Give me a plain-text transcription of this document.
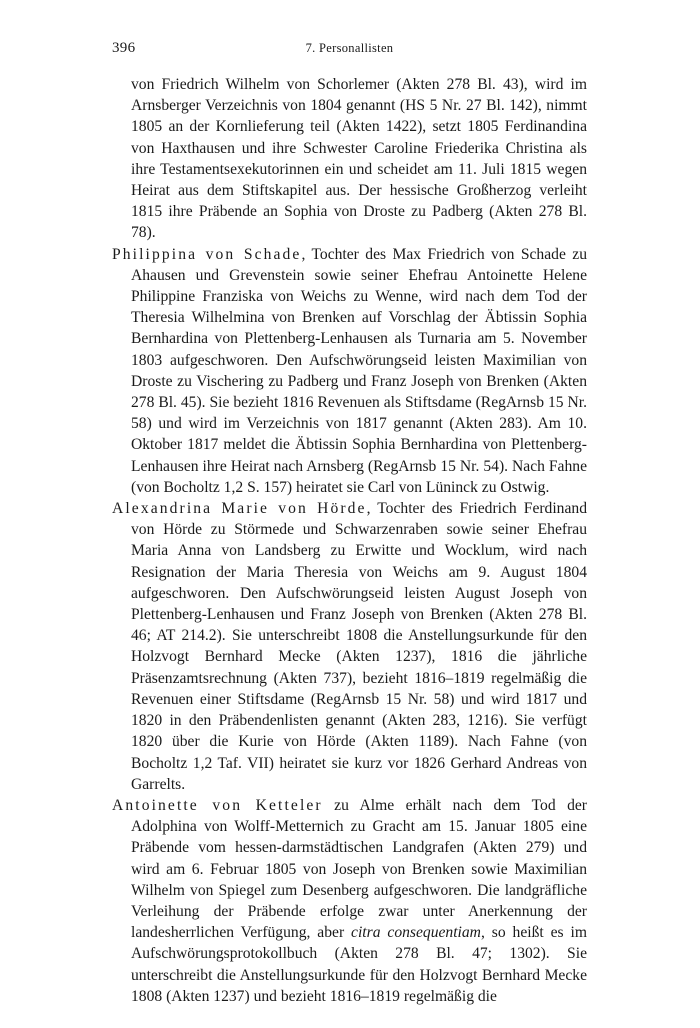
396	7. Personallisten

von Friedrich Wilhelm von Schorlemer (Akten 278 Bl. 43), wird im Arnsberger Verzeichnis von 1804 genannt (HS 5 Nr. 27 Bl. 142), nimmt 1805 an der Kornlieferung teil (Akten 1422), setzt 1805 Ferdinandina von Haxthausen und ihre Schwester Caroline Friederika Christina als ihre Testamentsexekutorinnen ein und scheidet am 11. Juli 1815 wegen Heirat aus dem Stiftskapitel aus. Der hessische Großherzog verleiht 1815 ihre Präbende an Sophia von Droste zu Padberg (Akten 278 Bl. 78).

Philippina von Schade, Tochter des Max Friedrich von Schade zu Ahausen und Grevenstein sowie seiner Ehefrau Antoinette Helene Philippine Franziska von Weichs zu Wenne, wird nach dem Tod der Theresia Wilhelmina von Brenken auf Vorschlag der Äbtissin Sophia Bernhardina von Plettenberg-Lenhausen als Turnaria am 5. November 1803 aufgeschworen. Den Aufschwörungseid leisten Maximilian von Droste zu Vischering zu Padberg und Franz Joseph von Brenken (Akten 278 Bl. 45). Sie bezieht 1816 Revenuen als Stiftsdame (RegArnsb 15 Nr. 58) und wird im Verzeichnis von 1817 genannt (Akten 283). Am 10. Oktober 1817 meldet die Äbtissin Sophia Bernhardina von Plettenberg-Lenhausen ihre Heirat nach Arnsberg (RegArnsb 15 Nr. 54). Nach Fahne (von Bocholtz 1,2 S. 157) heiratet sie Carl von Lüninck zu Ostwig.

Alexandrina Marie von Hörde, Tochter des Friedrich Ferdinand von Hörde zu Störmede und Schwarzenraben sowie seiner Ehefrau Maria Anna von Landsberg zu Erwitte und Wocklum, wird nach Resignation der Maria Theresia von Weichs am 9. August 1804 aufgeschworen. Den Aufschwörungseid leisten August Joseph von Plettenberg-Lenhausen und Franz Joseph von Brenken (Akten 278 Bl. 46; AT 214.2). Sie unterschreibt 1808 die Anstellungsurkunde für den Holzvogt Bernhard Mecke (Akten 1237), 1816 die jährliche Präsenzamtsrechnung (Akten 737), bezieht 1816–1819 regelmäßig die Revenuen einer Stiftsdame (RegArnsb 15 Nr. 58) und wird 1817 und 1820 in den Präbendenlisten genannt (Akten 283, 1216). Sie verfügt 1820 über die Kurie von Hörde (Akten 1189). Nach Fahne (von Bocholtz 1,2 Taf. VII) heiratet sie kurz vor 1826 Gerhard Andreas von Garrelts.

Antoinette von Ketteler zu Alme erhält nach dem Tod der Adolphina von Wolff-Metternich zu Gracht am 15. Januar 1805 eine Präbende vom hessen-darmstädtischen Landgrafen (Akten 279) und wird am 6. Februar 1805 von Joseph von Brenken sowie Maximilian Wilhelm von Spiegel zum Desenberg aufgeschworen. Die landgräfliche Verleihung der Präbende erfolge zwar unter Anerkennung der landesherrlichen Verfügung, aber citra consequentiam, so heißt es im Aufschwörungsprotokollbuch (Akten 278 Bl. 47; 1302). Sie unterschreibt die Anstellungsurkunde für den Holzvogt Bernhard Mecke 1808 (Akten 1237) und bezieht 1816–1819 regelmäßig die
